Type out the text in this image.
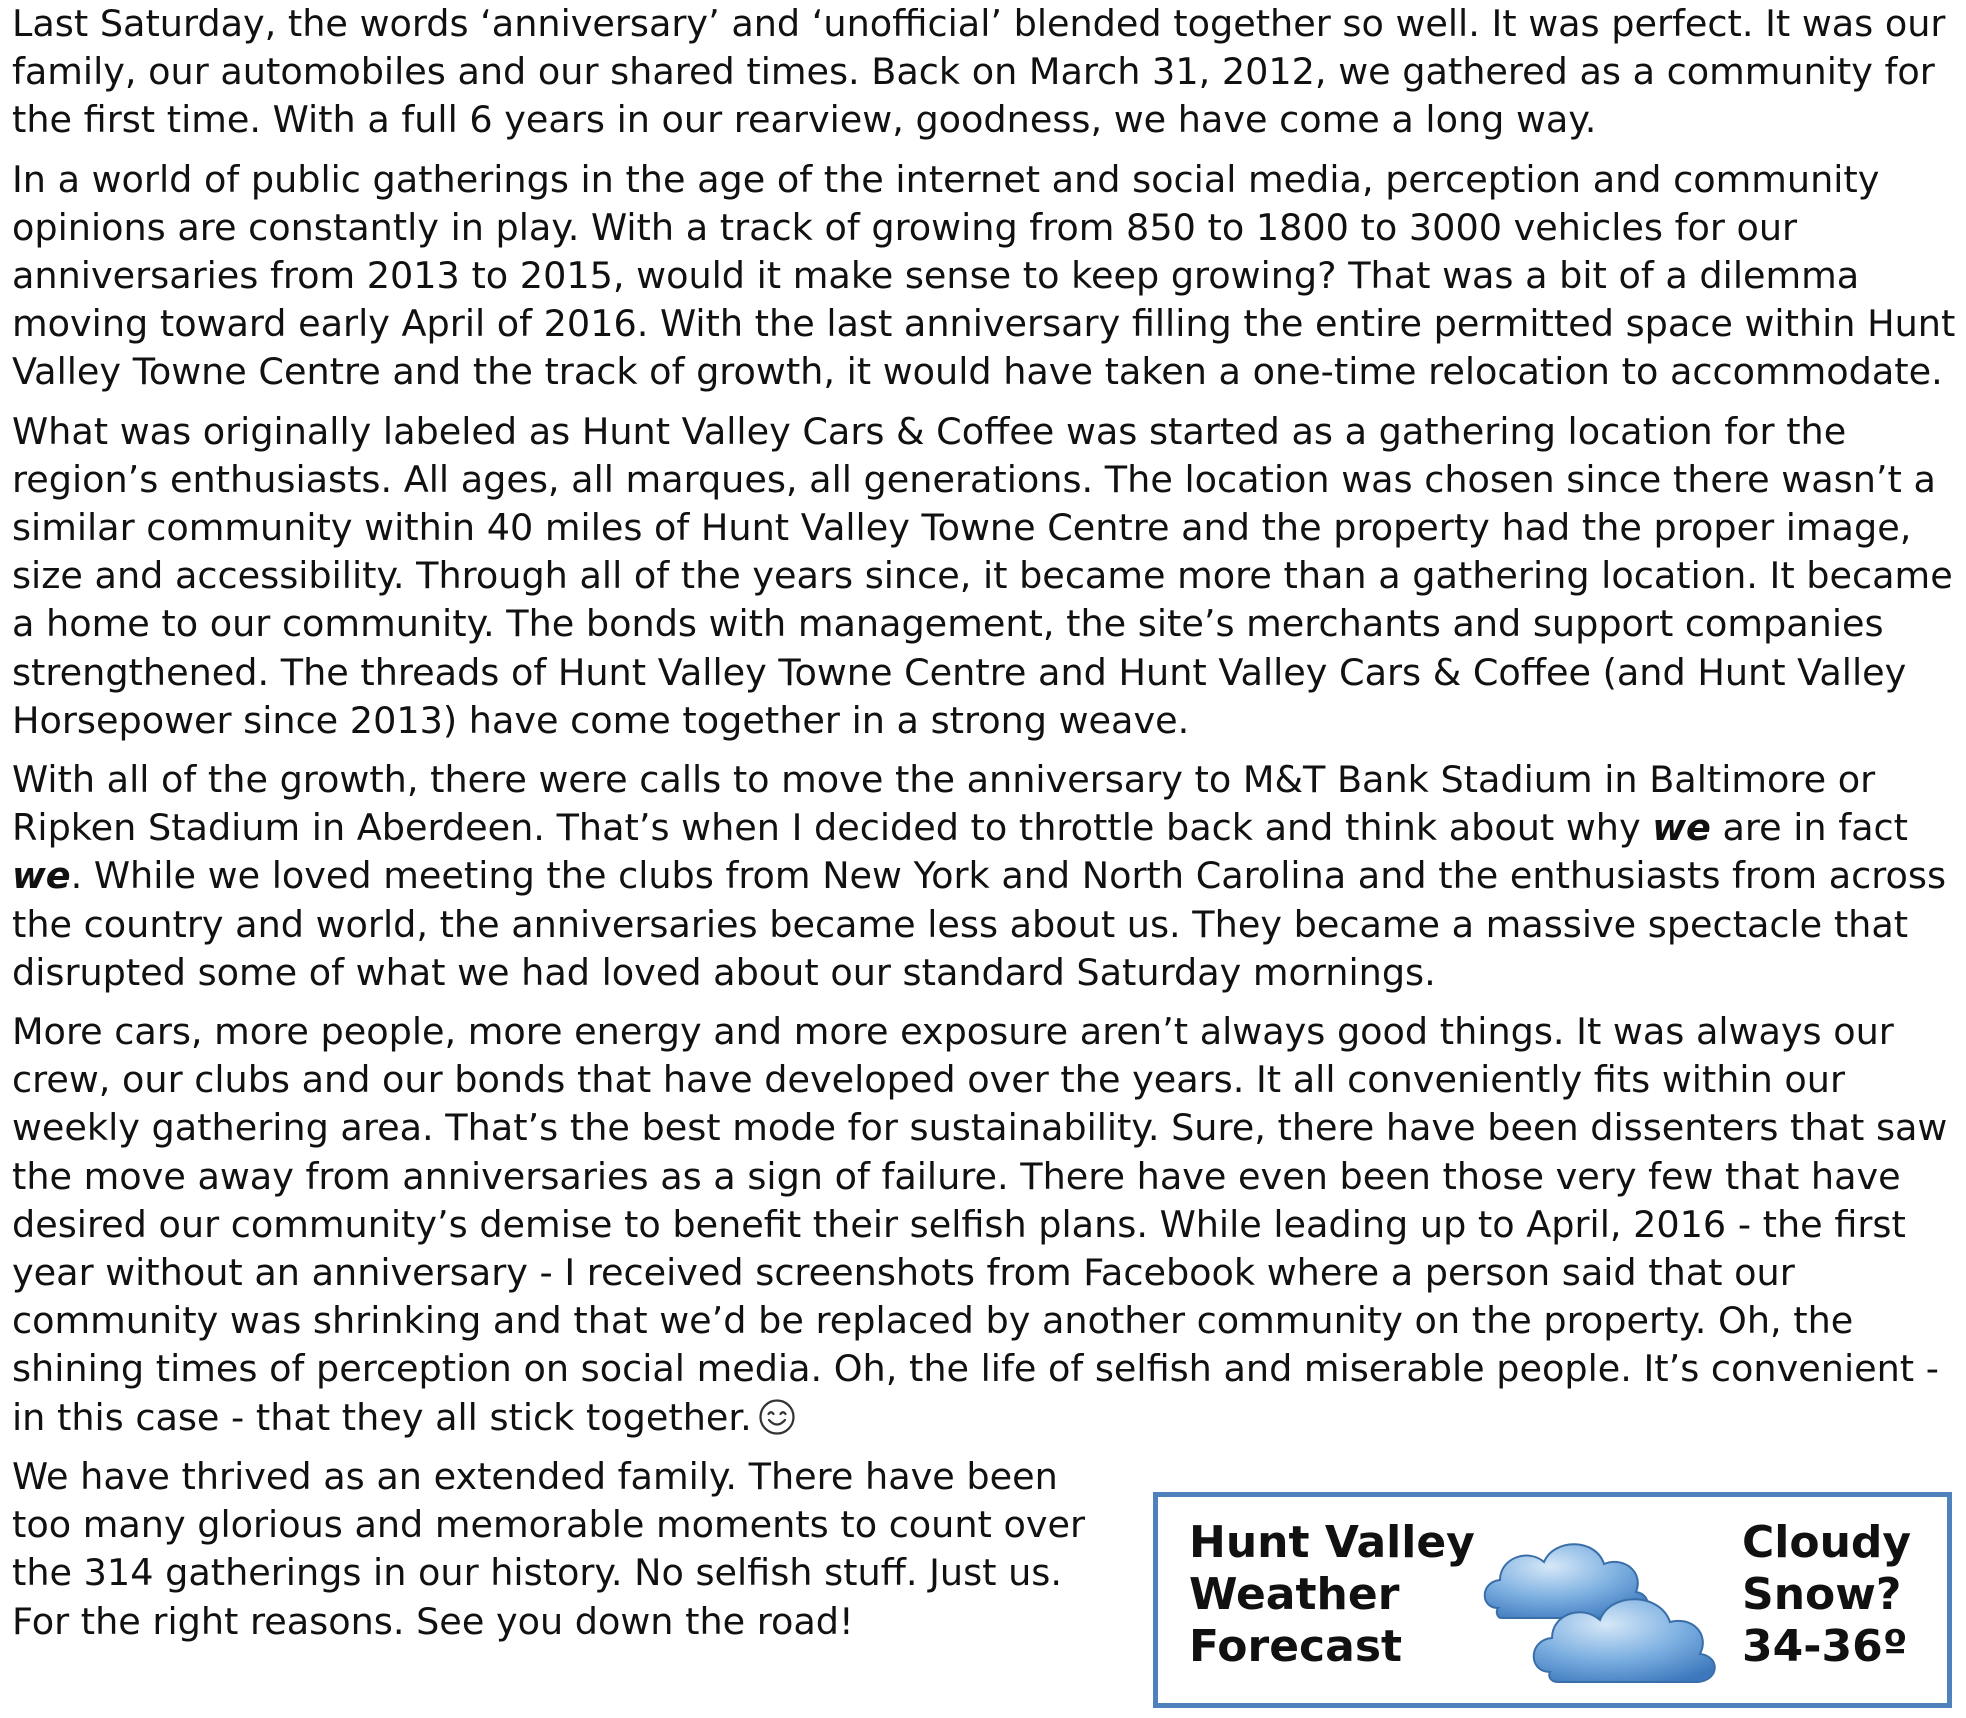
Last Saturday, the words ‘anniversary’ and ‘unofficial’ blended together so well. It was perfect. It was our family, our automobiles and our shared times. Back on March 31, 2012, we gathered as a community for the first time. With a full 6 years in our rearview, goodness, we have come a long way.

In a world of public gatherings in the age of the internet and social media, perception and community opinions are constantly in play. With a track of growing from 850 to 1800 to 3000 vehicles for our anniversaries from 2013 to 2015, would it make sense to keep growing? That was a bit of a dilemma moving toward early April of 2016. With the last anniversary filling the entire permitted space within Hunt Valley Towne Centre and the track of growth, it would have taken a one-time relocation to accommodate.

What was originally labeled as Hunt Valley Cars & Coffee was started as a gathering location for the region’s enthusiasts. All ages, all marques, all generations. The location was chosen since there wasn’t a similar community within 40 miles of Hunt Valley Towne Centre and the property had the proper image, size and accessibility. Through all of the years since, it became more than a gathering location. It became a home to our community. The bonds with management, the site’s merchants and support companies strengthened. The threads of Hunt Valley Towne Centre and Hunt Valley Cars & Coffee (and Hunt Valley Horsepower since 2013) have come together in a strong weave.

With all of the growth, there were calls to move the anniversary to M&T Bank Stadium in Baltimore or Ripken Stadium in Aberdeen. That’s when I decided to throttle back and think about why we are in fact we. While we loved meeting the clubs from New York and North Carolina and the enthusiasts from across the country and world, the anniversaries became less about us. They became a massive spectacle that disrupted some of what we had loved about our standard Saturday mornings.

More cars, more people, more energy and more exposure aren’t always good things. It was always our crew, our clubs and our bonds that have developed over the years. It all conveniently fits within our weekly gathering area. That’s the best mode for sustainability. Sure, there have been dissenters that saw the move away from anniversaries as a sign of failure. There have even been those very few that have desired our community’s demise to benefit their selfish plans. While leading up to April, 2016 - the first year without an anniversary - I received screenshots from Facebook where a person said that our community was shrinking and that we’d be replaced by another community on the property. Oh, the shining times of perception on social media. Oh, the life of selfish and miserable people. It’s convenient - in this case - that they all stick together.

We have thrived as an extended family. There have been too many glorious and memorable moments to count over the 314 gatherings in our history. No selfish stuff. Just us. For the right reasons. See you down the road!

Hunt Valley
Weather
Forecast
Cloudy
Snow?
34-36º
